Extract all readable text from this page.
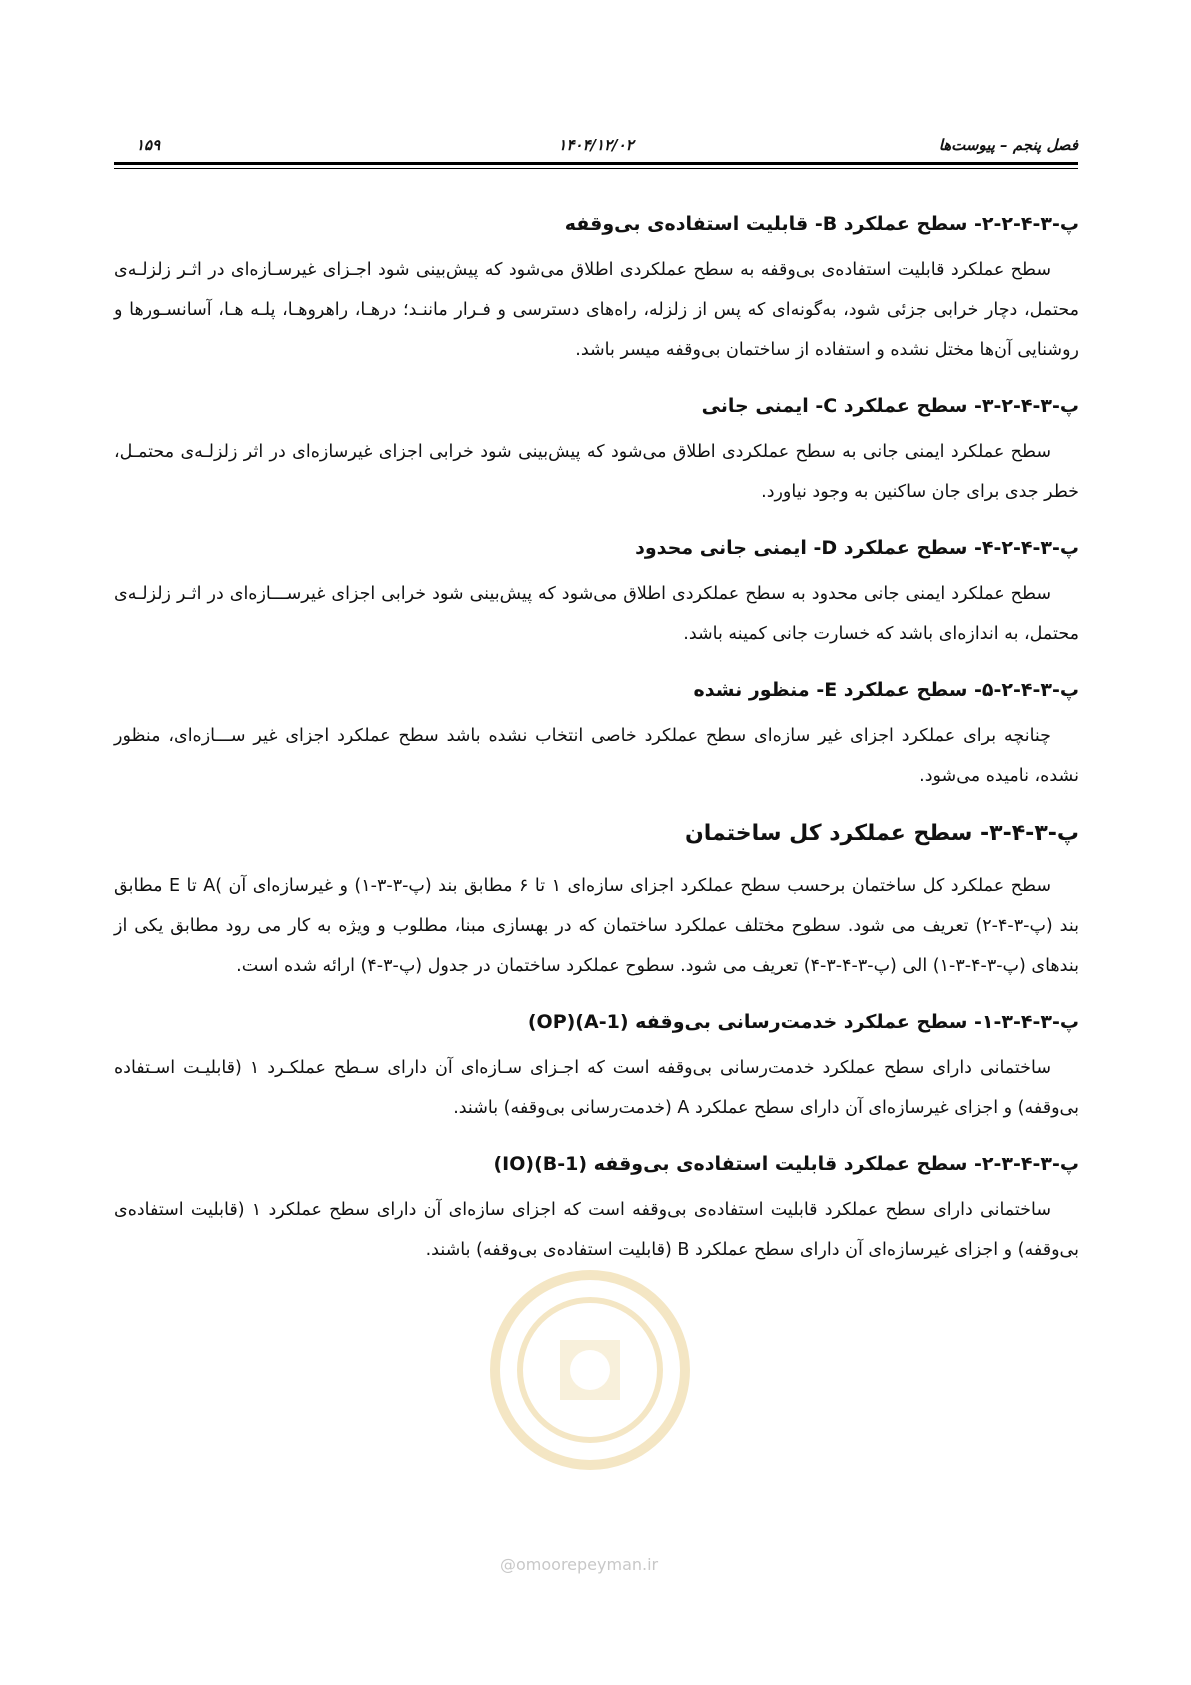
فصل پنجم – پیوست‌ها
۱۴۰۴/۱۲/۰۲
۱۵۹
پ-۳-۴-۲-۲- سطح عملکرد B- قابلیت استفاده‌ی بی‌وقفه

سطح عملکرد قابلیت استفاده‌ی بی‌وقفه به سطح عملکردی اطلاق می‌شود که پیش‌بینی شود اجـزای غیرسـازه‌ای در اثـر زلزلـه‌ی محتمل، دچار خرابی جزئی شود، به‌گونه‌ای که پس از زلزله، راه‌های دسترسی و فـرار ماننـد؛ درهـا، راهروهـا، پلـه هـا، آسانسـورها و روشنایی آن‌ها مختل نشده و استفاده از ساختمان بی‌وقفه میسر باشد.

پ-۳-۴-۲-۳- سطح عملکرد C- ایمنی جانی

سطح عملکرد ایمنی جانی به سطح عملکردی اطلاق می‌شود که پیش‌بینی شود خرابی اجزای غیرسازه‌ای در اثر زلزلـه‌ی محتمـل، خطر جدی برای جان ساکنین به وجود نیاورد.

پ-۳-۴-۲-۴- سطح عملکرد D- ایمنی جانی محدود

سطح عملکرد ایمنی جانی محدود به سطح عملکردی اطلاق می‌شود که پیش‌بینی شود خرابی اجزای غیرســـازه‌ای در اثـر زلزلـه‌ی محتمل، به اندازه‌ای باشد که خسارت جانی کمینه باشد.

پ-۳-۴-۲-۵- سطح عملکرد E- منظور نشده

چنانچه برای عملکرد اجزای غیر سازه‌ای سطح عملکرد خاصی انتخاب نشده باشد سطح عملکرد اجزای غیر ســـازه‌ای، منظور نشده، نامیده می‌شود.

پ-۳-۴-۳- سطح عملکرد کل ساختمان

سطح عملکرد کل ساختمان برحسب سطح عملکرد اجزای سازه‌ای ۱ تا ۶ مطابق بند (پ-۳-۳-۱) و غیرسازه‌ای آن )A تا E مطابق بند (پ-۳-۴-۲) تعریف می شود. سطوح مختلف عملکرد ساختمان که در بهسازی مبنا، مطلوب و ویژه به کار می رود مطابق یکی از بندهای (پ-۳-۴-۳-۱) الی (پ-۳-۴-۳-۴) تعریف می شود. سطوح عملکرد ساختمان در جدول (پ-۳-۴) ارائه شده است.

پ-۳-۴-۳-۱- سطح عملکرد خدمت‌رسانی بی‌وقفه (A-1)(OP)

ساختمانی دارای سطح عملکرد خدمت‌رسانی بی‌وقفه است که اجـزای سـازه‌ای آن دارای سـطح عملکـرد ۱ (قابلیـت اسـتفاده بی‌وقفه) و اجزای غیرسازه‌ای آن دارای سطح عملکرد A (خدمت‌رسانی بی‌وقفه) باشند.

پ-۳-۴-۳-۲- سطح عملکرد قابلیت استفاده‌ی بی‌وقفه (B-1)(IO)

ساختمانی دارای سطح عملکرد قابلیت استفاده‌ی بی‌وقفه است که اجزای سازه‌ای آن دارای سطح عملکرد ۱ (قابلیت استفاده‌ی بی‌وقفه) و اجزای غیرسازه‌ای آن دارای سطح عملکرد B (قابلیت استفاده‌ی بی‌وقفه) باشند.

@omoorepeyman.ir
